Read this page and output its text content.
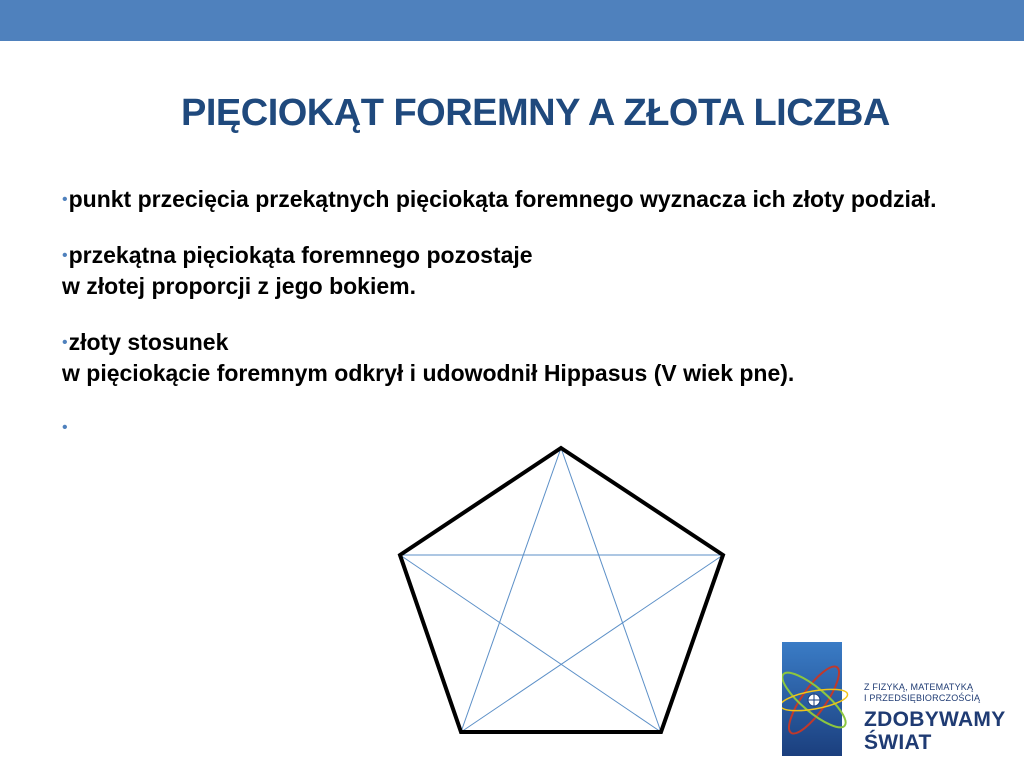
PIĘCIOKĄT FOREMNY A ZŁOTA LICZBA
•punkt przecięcia przekątnych pięciokąta foremnego wyznacza ich złoty podział.
•przekątna pięciokąta foremnego pozostaje
w złotej proporcji z jego bokiem.
•złoty stosunek
w pięciokącie foremnym odkrył i udowodnił Hippasus (V wiek pne).
•
Z FIZYKĄ, MATEMATYKĄ
I PRZEDSIĘBIORCZOŚCIĄ
ZDOBYWAMY
ŚWIAT
